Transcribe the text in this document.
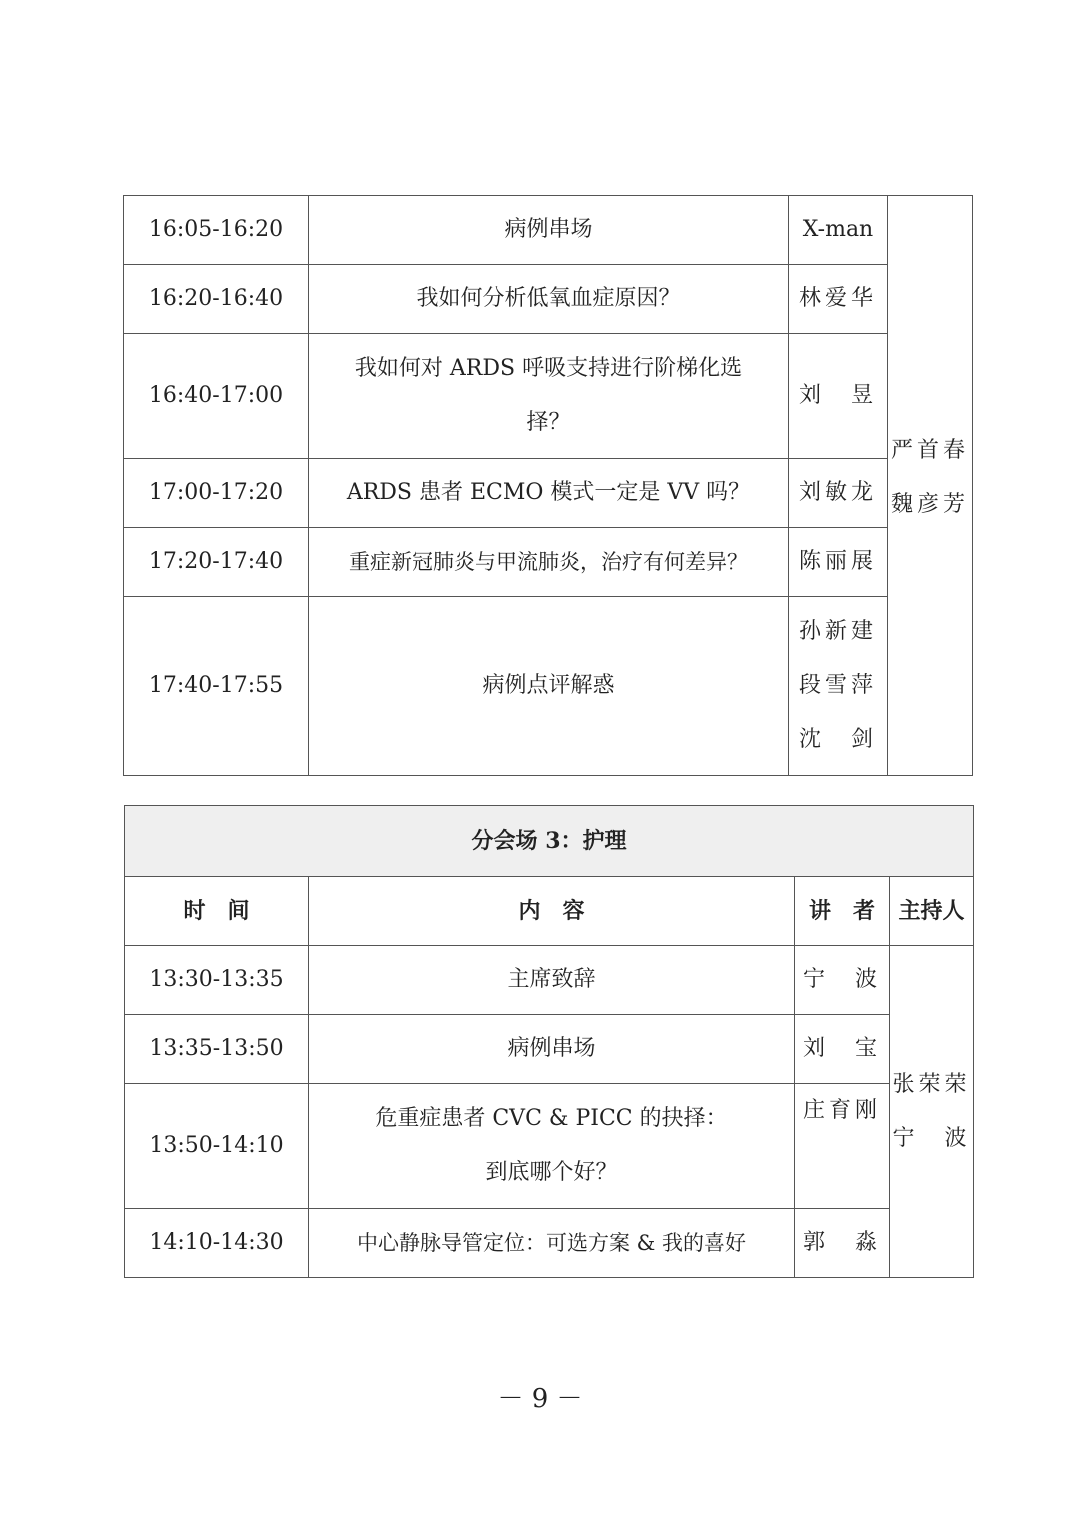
16:05-16:20	病例串场	X-man	严首春
魏彦芳

16:20-16:40	我如何分析低氧血症原因？	林爱华	
16:40-17:00	我如何对 ARDS 呼吸支持进行阶梯化选
择？	刘　昱	
17:00-17:20	ARDS 患者 ECMO 模式一定是 VV 吗？	刘敏龙	
17:20-17:40	重症新冠肺炎与甲流肺炎，治疗有何差异？	陈丽展	
17:40-17:55	病例点评解惑	孙新建
段雪萍
沈　剑	
分会场 3：护理			
时　间	内　容	讲　者	主持人
13:30-13:35	主席致辞	宁　波	张荣荣
宁　波

13:35-13:50	病例串场	刘　宝	
13:50-14:10	危重症患者 CVC & PICC 的抉择：
到底哪个好？	庄育刚	
14:10-14:30	中心静脉导管定位：可选方案 & 我的喜好	郭　淼	
－ 9 －
